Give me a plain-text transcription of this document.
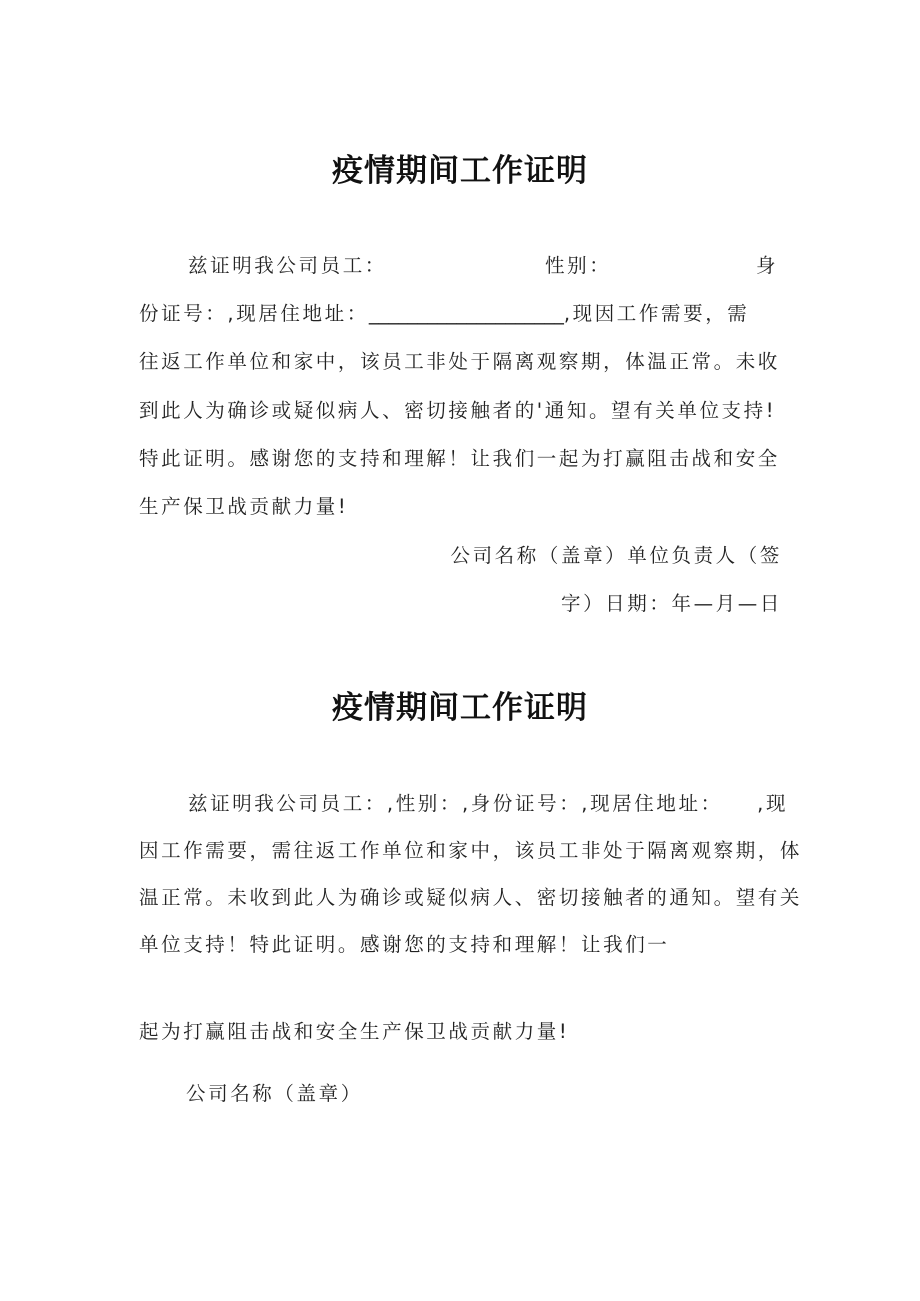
疫情期间工作证明
兹证明我公司员工：	性别：	身
份证号：,现居住地址：____________________,现因工作需要，需
往返工作单位和家中，该员工非处于隔离观察期，体温正常。未收
到此人为确诊或疑似病人、密切接触者的'通知。望有关单位支持!
特此证明。感谢您的支持和理解！让我们一起为打赢阻击战和安全
生产保卫战贡献力量!
公司名称（盖章）单位负责人（签
字）日期：年—月—日
疫情期间工作证明
兹证明我公司员工：,性别：,身份证号：,现居住地址：　　,现
因工作需要，需往返工作单位和家中，该员工非处于隔离观察期，体
温正常。未收到此人为确诊或疑似病人、密切接触者的通知。望有关
单位支持！特此证明。感谢您的支持和理解！让我们一
起为打赢阻击战和安全生产保卫战贡献力量!
公司名称（盖章）
